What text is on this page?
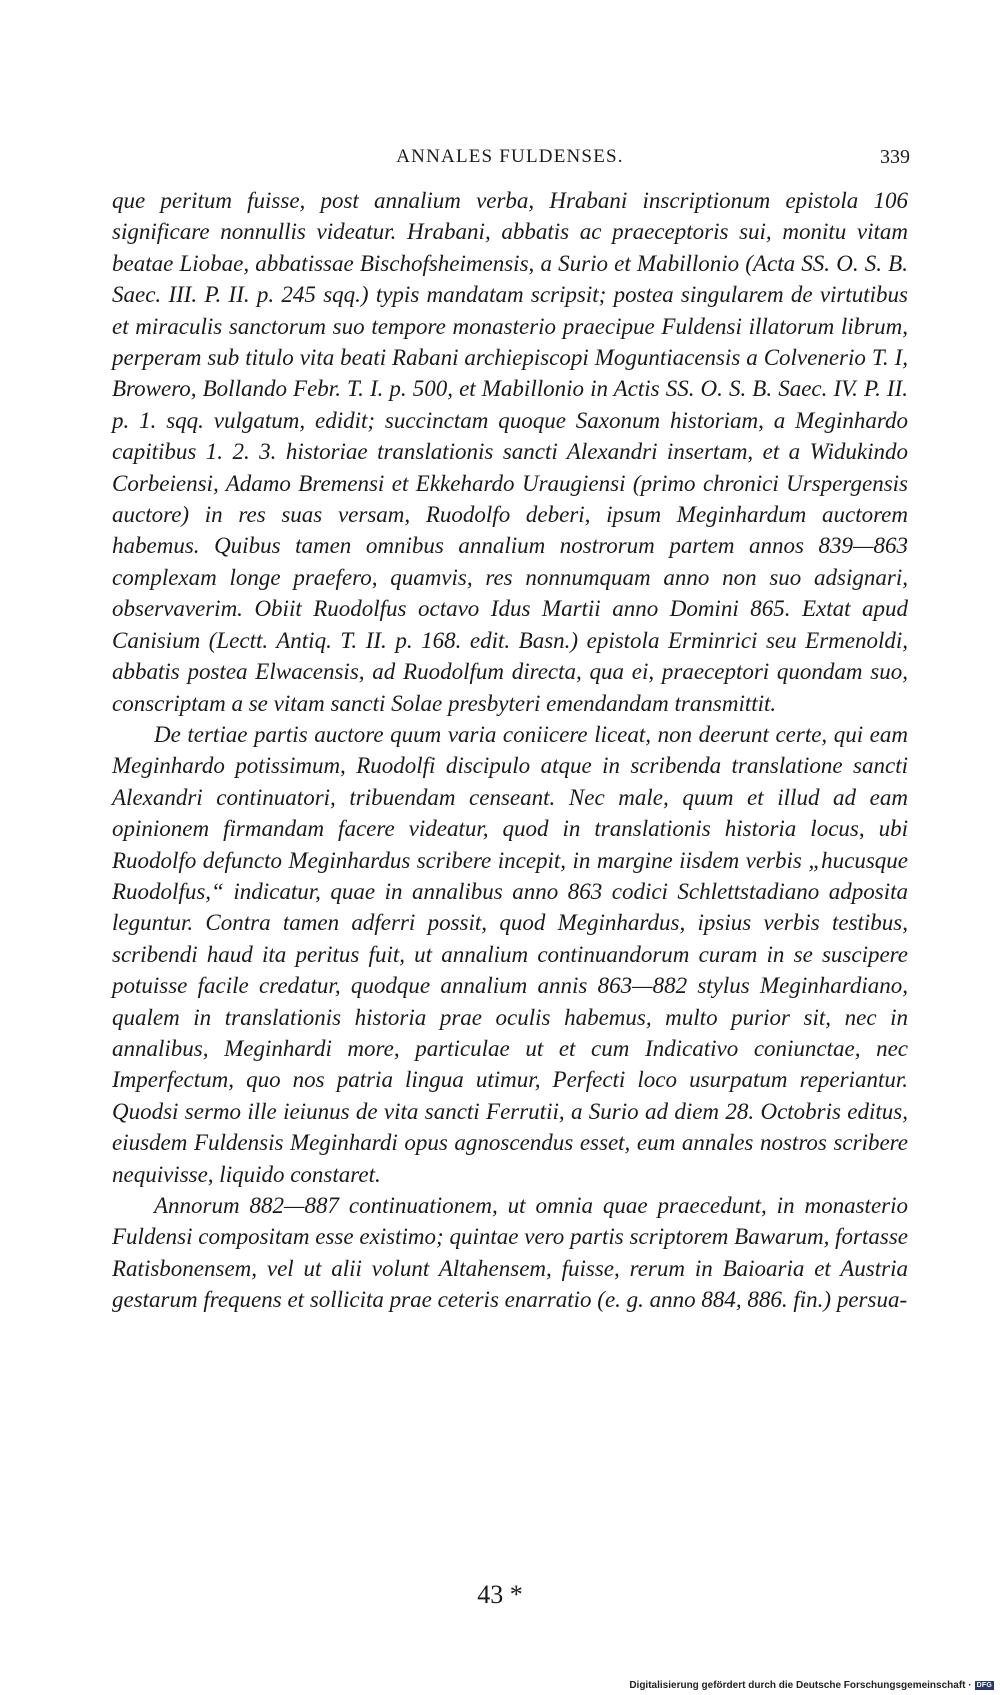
ANNALES FULDENSES.	339

que peritum fuisse, post annalium verba, Hrabani inscriptionum epistola 106 significare nonnullis videatur. Hrabani, abbatis ac praeceptoris sui, monitu vitam beatae Liobae, abbatissae Bischofsheimensis, a Surio et Mabillonio (Acta SS. O. S. B. Saec. III. P. II. p. 245 sqq.) typis mandatam scripsit; postea singularem de virtutibus et miraculis sanctorum suo tempore monasterio praecipue Fuldensi illatorum librum, perperam sub titulo vita beati Rabani archiepiscopi Moguntiacensis a Colvenerio T. I, Browero, Bollando Febr. T. I. p. 500, et Mabillonio in Actis SS. O. S. B. Saec. IV. P. II. p. 1. sqq. vulgatum, edidit; succinctam quoque Saxonum historiam, a Meginhardo capitibus 1. 2. 3. historiae translationis sancti Alexandri insertam, et a Widukindo Corbeiensi, Adamo Bremensi et Ekkehardo Uraugiensi (primo chronici Urspergensis auctore) in res suas versam, Ruodolfo deberi, ipsum Meginhardum auctorem habemus. Quibus tamen omnibus annalium nostrorum partem annos 839—863 complexam longe praefero, quamvis, res nonnumquam anno non suo adsignari, observaverim. Obiit Ruodolfus octavo Idus Martii anno Domini 865. Extat apud Canisium (Lectt. Antiq. T. II. p. 168. edit. Basn.) epistola Erminrici seu Ermenoldi, abbatis postea Elwacensis, ad Ruodolfum directa, qua ei, praeceptori quondam suo, conscriptam a se vitam sancti Solae presbyteri emendandam transmittit.

De tertiae partis auctore quum varia coniicere liceat, non deerunt certe, qui eam Meginhardo potissimum, Ruodolfi discipulo atque in scribenda translatione sancti Alexandri continuatori, tribuendam censeant. Nec male, quum et illud ad eam opinionem firmandam facere videatur, quod in translationis historia locus, ubi Ruodolfo defuncto Meginhardus scribere incepit, in margine iisdem verbis „hucusque Ruodolfus,“ indicatur, quae in annalibus anno 863 codici Schlettstadiano adposita leguntur. Contra tamen adferri possit, quod Meginhardus, ipsius verbis testibus, scribendi haud ita peritus fuit, ut annalium continuandorum curam in se suscipere potuisse facile credatur, quodque annalium annis 863—882 stylus Meginhardiano, qualem in translationis historia prae oculis habemus, multo purior sit, nec in annalibus, Meginhardi more, particulae ut et cum Indicativo coniunctae, nec Imperfectum, quo nos patria lingua utimur, Perfecti loco usurpatum reperiantur. Quodsi sermo ille ieiunus de vita sancti Ferrutii, a Surio ad diem 28. Octobris editus, eiusdem Fuldensis Meginhardi opus agnoscendus esset, eum annales nostros scribere nequivisse, liquido constaret.

Annorum 882—887 continuationem, ut omnia quae praecedunt, in monasterio Fuldensi compositam esse existimo; quintae vero partis scriptorem Bawarum, fortasse Ratisbonensem, vel ut alii volunt Altahensem, fuisse, rerum in Baioaria et Austria gestarum frequens et sollicita prae ceteris enarratio (e. g. anno 884, 886. fin.) persua-

43 *
Digitalisierung gefördert durch die Deutsche Forschungsgemeinschaft · DFG
